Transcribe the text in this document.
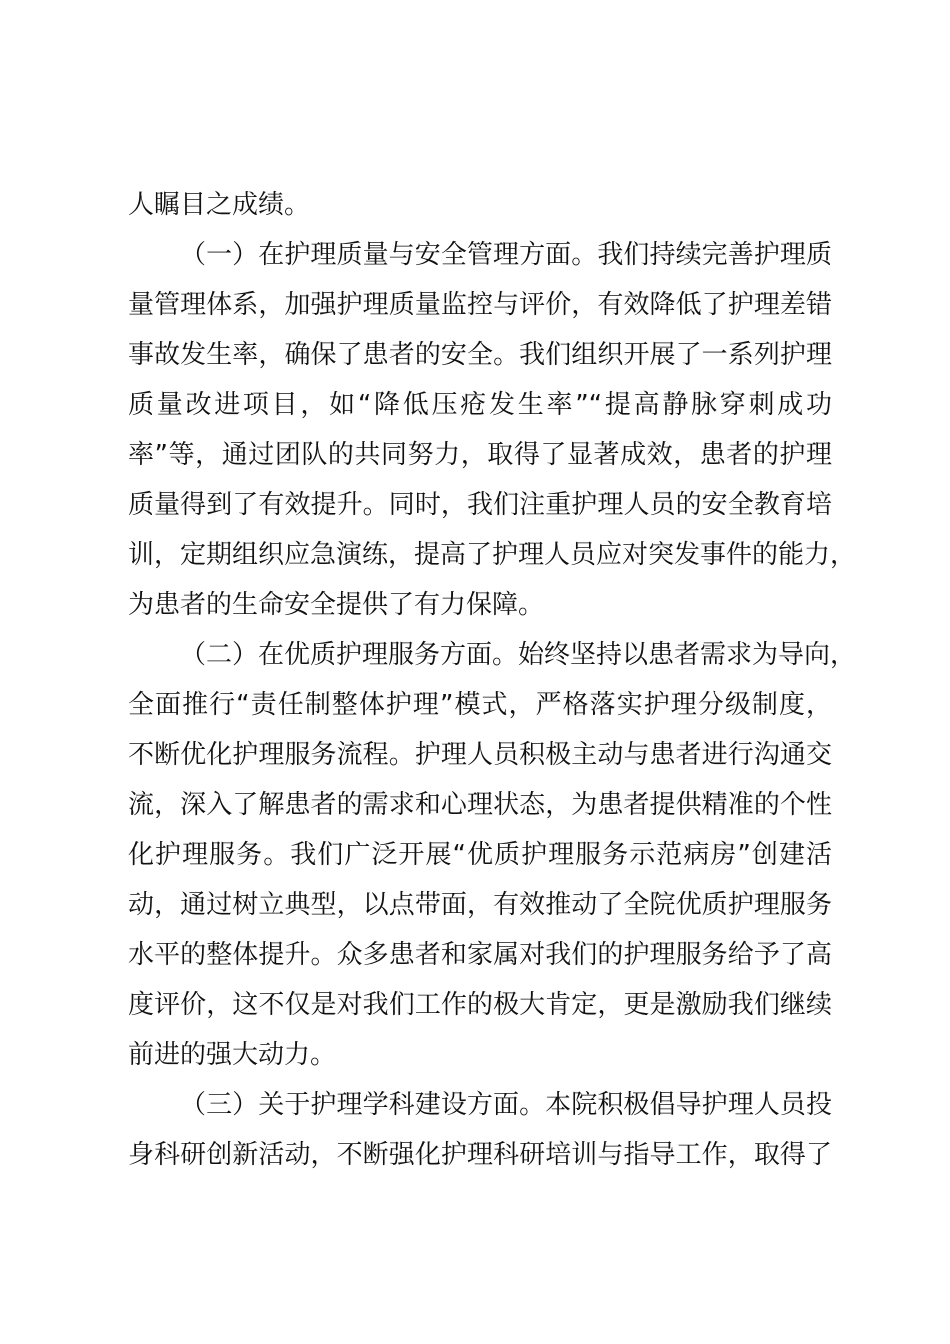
人瞩目之成绩。
（一）在护理质量与安全管理方面。我们持续完善护理质
量管理体系，加强护理质量监控与评价，有效降低了护理差错
事故发生率，确保了患者的安全。我们组织开展了一系列护理
质量改进项目，如“降低压疮发生率”“提高静脉穿刺成功
率”等，通过团队的共同努力，取得了显著成效，患者的护理
质量得到了有效提升。同时，我们注重护理人员的安全教育培
训，定期组织应急演练，提高了护理人员应对突发事件的能力，
为患者的生命安全提供了有力保障。
（二）在优质护理服务方面。始终坚持以患者需求为导向，
全面推行“责任制整体护理”模式，严格落实护理分级制度，
不断优化护理服务流程。护理人员积极主动与患者进行沟通交
流，深入了解患者的需求和心理状态，为患者提供精准的个性
化护理服务。我们广泛开展“优质护理服务示范病房”创建活
动，通过树立典型，以点带面，有效推动了全院优质护理服务
水平的整体提升。众多患者和家属对我们的护理服务给予了高
度评价，这不仅是对我们工作的极大肯定，更是激励我们继续
前进的强大动力。
（三）关于护理学科建设方面。本院积极倡导护理人员投
身科研创新活动，不断强化护理科研培训与指导工作，取得了
